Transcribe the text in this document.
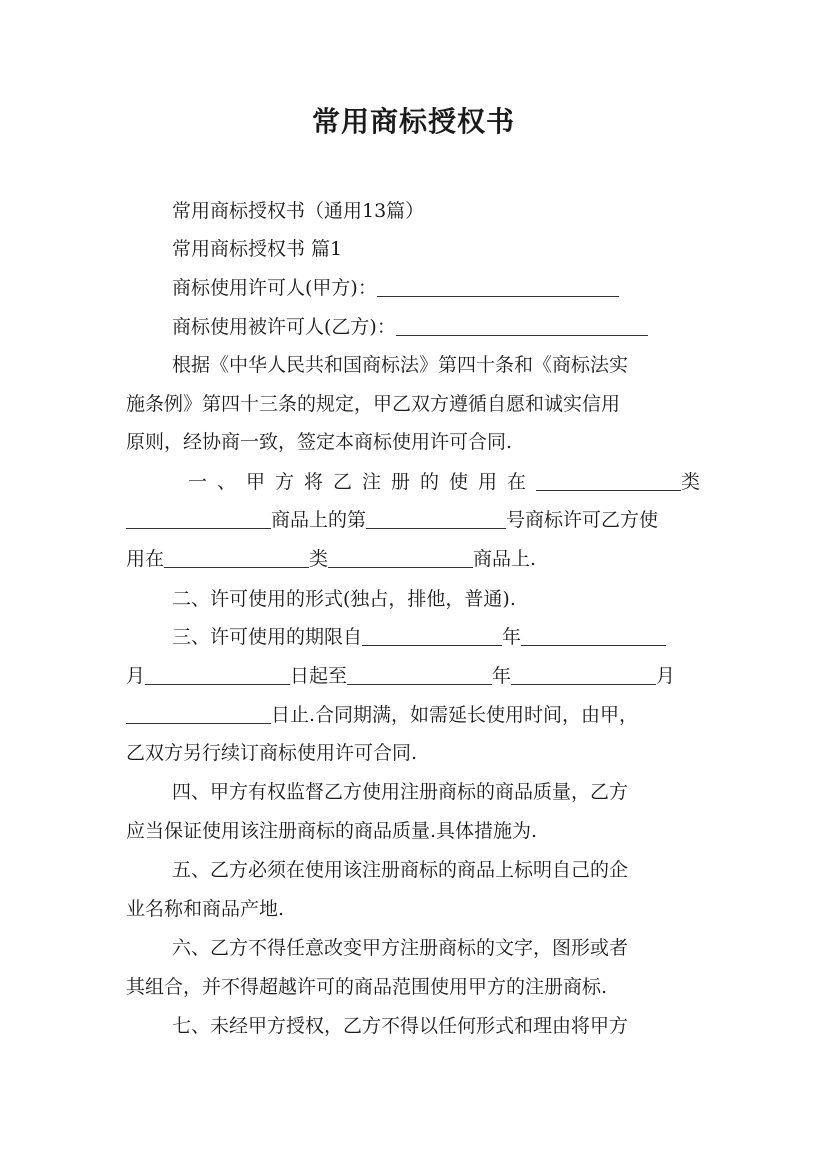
常用商标授权书
常用商标授权书（通用13篇）
常用商标授权书 篇1
商标使用许可人(甲方)：
商标使用被许可人(乙方)：
根据《中华人民共和国商标法》第四十条和《商标法实
施条例》第四十三条的规定，甲乙双方遵循自愿和诚实信用
原则，经协商一致，签定本商标使用许可合同.
一、甲方将乙注册的使用在	类
商品上的第	号商标许可乙方使
用在	类	商品上.
二、许可使用的形式(独占，排他，普通).
三、许可使用的期限自	年
月	日起至	年	月
日止.合同期满，如需延长使用时间，由甲，
乙双方另行续订商标使用许可合同.
四、甲方有权监督乙方使用注册商标的商品质量，乙方
应当保证使用该注册商标的商品质量.具体措施为.
五、乙方必须在使用该注册商标的商品上标明自己的企
业名称和商品产地.
六、乙方不得任意改变甲方注册商标的文字，图形或者
其组合，并不得超越许可的商品范围使用甲方的注册商标.
七、未经甲方授权，乙方不得以任何形式和理由将甲方
